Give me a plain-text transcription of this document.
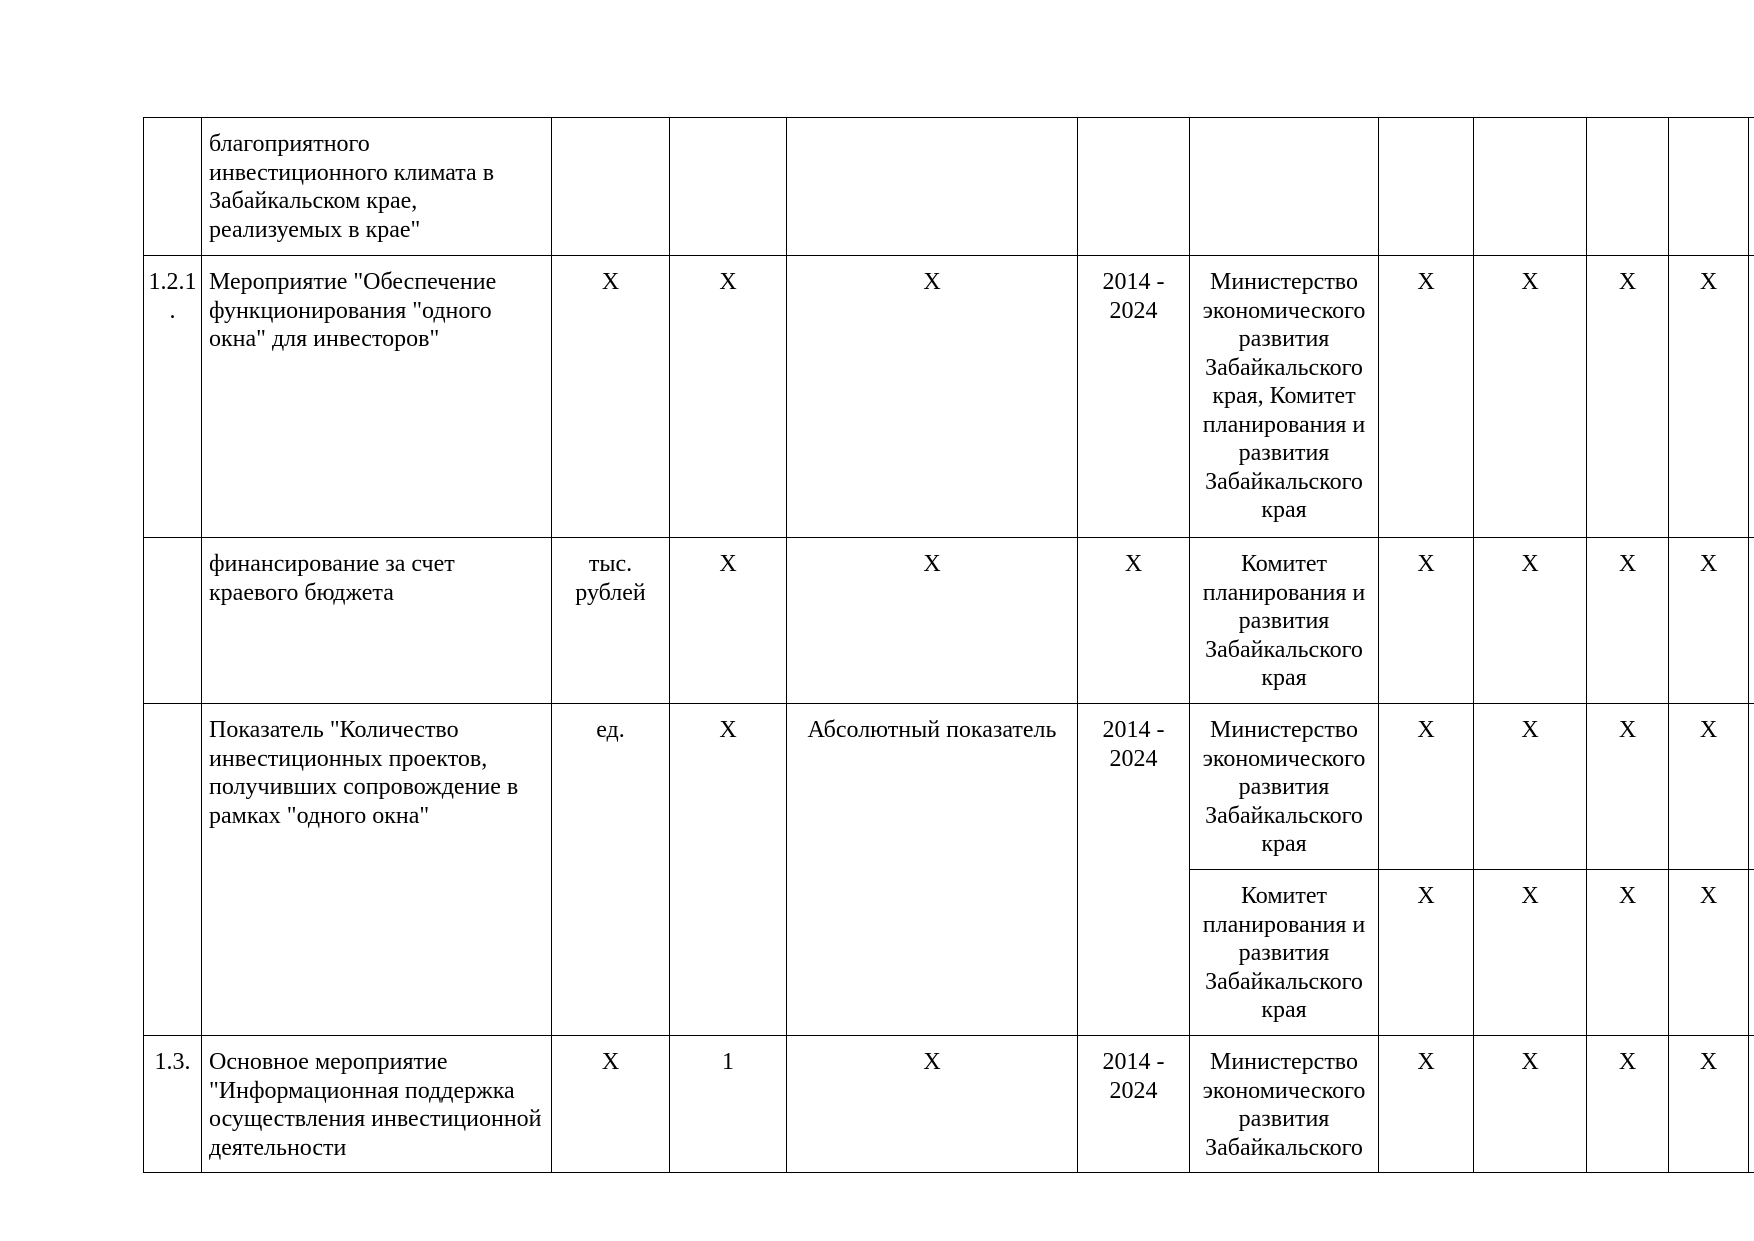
	благоприятного инвестиционного климата в Забайкальском крае, реализуемых в крае"										
1.2.1.	Мероприятие "Обеспечение функционирования "одного окна" для инвесторов"	Х	Х	Х	2014 - 2024	Министерство экономического развития Забайкальского края, Комитет планирования и развития Забайкальского края	Х	Х	Х	Х	
	финансирование за счет краевого бюджета	тыс. рублей	Х	Х	Х	Комитет планирования и развития Забайкальского края	Х	Х	Х	Х	
	Показатель "Количество инвестиционных проектов, получивших сопровождение в рамках "одного окна"	ед.	Х	Абсолютный показатель	2014 - 2024	Министерство экономического развития Забайкальского края	Х	Х	Х	Х	
						Комитет планирования и развития Забайкальского края	Х	Х	Х	Х	
1.3.	Основное мероприятие "Информационная поддержка осуществления инвестиционной деятельности	Х	1	Х	2014 - 2024	Министерство экономического развития Забайкальского	Х	Х	Х	Х	
